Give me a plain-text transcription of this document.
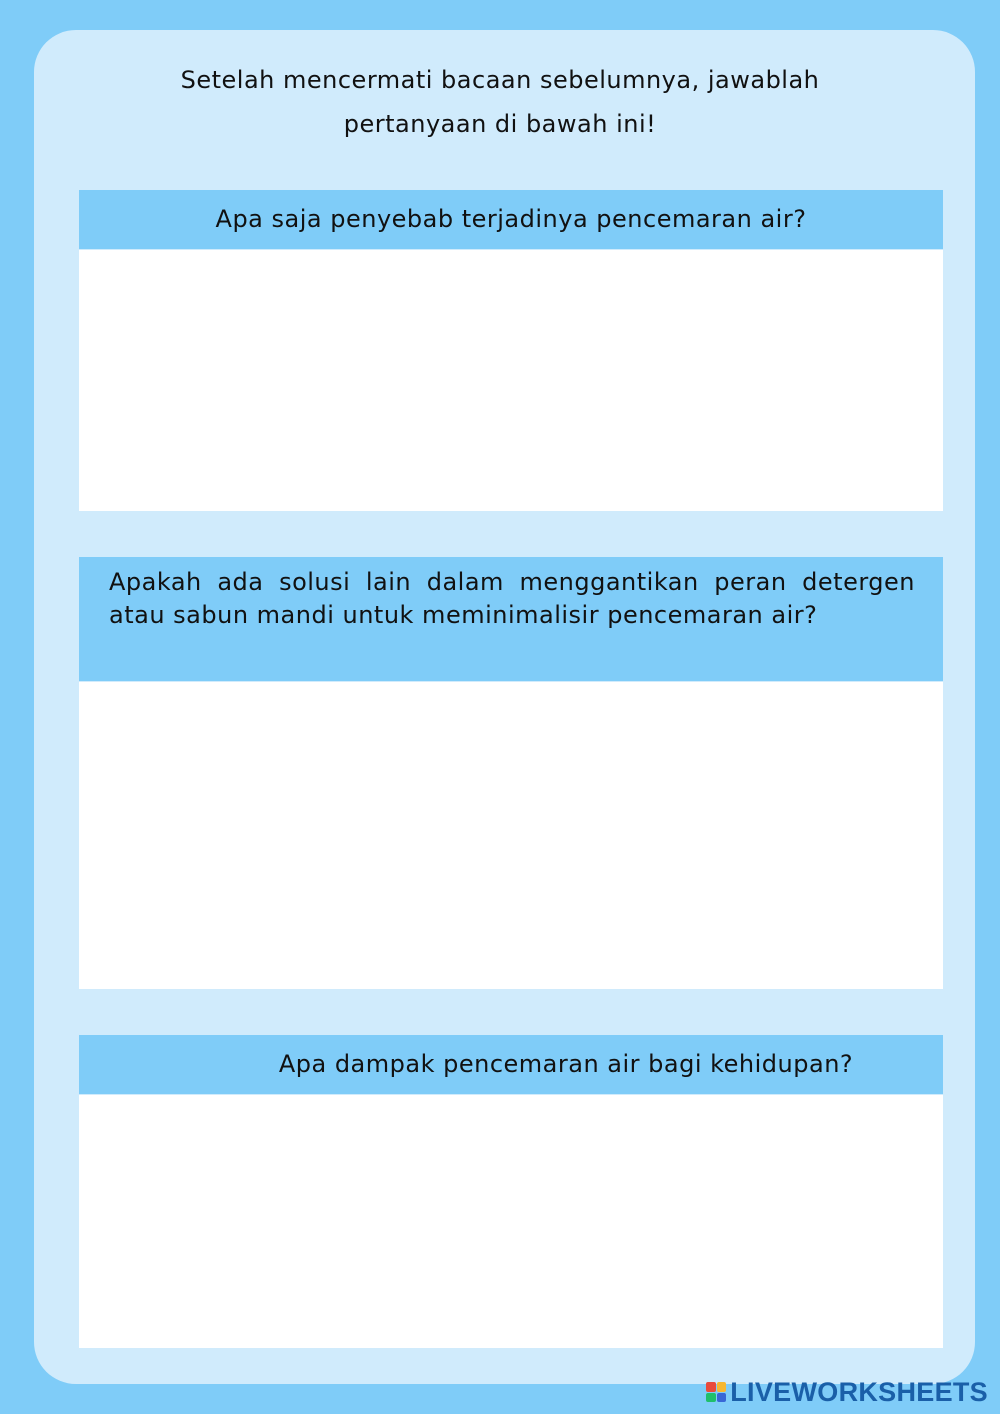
Setelah mencermati bacaan sebelumnya, jawablah
pertanyaan di bawah ini!
Apa saja penyebab terjadinya pencemaran air?
Apakah ada solusi lain dalam menggantikan peran detergen atau sabun mandi untuk meminimalisir pencemaran air?
Apa dampak pencemaran air bagi kehidupan?
LIVEWORKSHEETS
